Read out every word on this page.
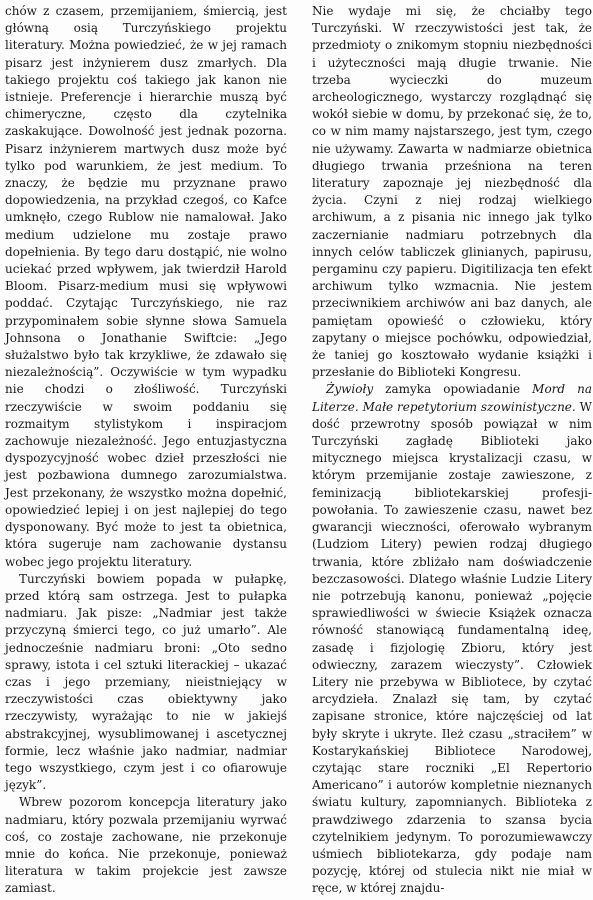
chów z czasem, przemijaniem, śmiercią, jest główną osią Turczyńskiego projektu literatury. Można powiedzieć, że w jej ramach pisarz jest inżynierem dusz zmarłych. Dla takiego projektu coś takiego jak kanon nie istnieje. Preferencje i hierarchie muszą być chimeryczne, często dla czytelnika zaskakujące. Dowolność jest jednak pozorna. Pisarz inżynierem martwych dusz może być tylko pod warunkiem, że jest medium. To znaczy, że będzie mu przyznane prawo dopowiedzenia, na przykład czegoś, co Kafce umknęło, czego Rublow nie namalował. Jako medium udzielone mu zostaje prawo dopełnienia. By tego daru dostąpić, nie wolno uciekać przed wpływem, jak twierdził Harold Bloom. Pisarz-medium musi się wpływowi poddać. Czytając Turczyńskiego, nie raz przypominałem sobie słynne słowa Samuela Johnsona o Jonathanie Swiftcie: „Jego służalstwo było tak krzykliwe, że zdawało się niezależnością”. Oczywiście w tym wypadku nie chodzi o złośliwość. Turczyński rzeczywiście w swoim poddaniu się rozmaitym stylistykom i inspiracjom zachowuje niezależność. Jego entuzjastyczna dyspozycyjność wobec dzieł przeszłości nie jest pozbawiona dumnego zarozumialstwa. Jest przekonany, że wszystko można dopełnić, opowiedzieć lepiej i on jest najlepiej do tego dysponowany. Być może to jest ta obietnica, która sugeruje nam zachowanie dystansu wobec jego projektu literatury.

Turczyński bowiem popada w pułapkę, przed którą sam ostrzega. Jest to pułapka nadmiaru. Jak pisze: „Nadmiar jest także przyczyną śmierci tego, co już umarło”. Ale jednocześnie nadmiaru broni: „Oto sedno sprawy, istota i cel sztuki literackiej – ukazać czas i jego przemiany, nieistniejący w rzeczywistości czas obiektywny jako rzeczywisty, wyrażając to nie w jakiejś abstrakcyjnej, wysublimowanej i ascetycznej formie, lecz właśnie jako nadmiar, nadmiar tego wszystkiego, czym jest i co ofiarowuje język”.

Wbrew pozorom koncepcja literatury jako nadmiaru, który pozwala przemijaniu wyrwać coś, co zostaje zachowane, nie przekonuje mnie do końca. Nie przekonuje, ponieważ literatura w takim projekcie jest zawsze zamiast.

Nie wydaje mi się, że chciałby tego Turczyński. W rzeczywistości jest tak, że przedmioty o znikomym stopniu niezbędności i użyteczności mają długie trwanie. Nie trzeba wycieczki do muzeum archeologicznego, wystarczy rozglądnąć się wokół siebie w domu, by przekonać się, że to, co w nim mamy najstarszego, jest tym, czego nie używamy. Zawarta w nadmiarze obietnica długiego trwania prześniona na teren literatury zapoznaje jej niezbędność dla życia. Czyni z niej rodzaj wielkiego archiwum, a z pisania nic innego jak tylko zaczernianie nadmiaru potrzebnych dla innych celów tabliczek glinianych, papirusu, pergaminu czy papieru. Digitilizacja ten efekt archiwum tylko wzmacnia. Nie jestem przeciwnikiem archiwów ani baz danych, ale pamiętam opowieść o człowieku, który zapytany o miejsce pochówku, odpowiedział, że taniej go kosztowało wydanie książki i przesłanie do Biblioteki Kongresu.

Żywioły zamyka opowiadanie Mord na Literze. Małe repetytorium szowinistyczne. W dość przewrotny sposób powiązał w nim Turczyński zagładę Biblioteki jako mitycznego miejsca krystalizacji czasu, w którym przemijanie zostaje zawieszone, z feminizacją bibliotekarskiej profesji-powołania. To zawieszenie czasu, nawet bez gwarancji wieczności, oferowało wybranym (Ludziom Litery) pewien rodzaj długiego trwania, które zbliżało nam doświadczenie bezczasowości. Dlatego właśnie Ludzie Litery nie potrzebują kanonu, ponieważ „pojęcie sprawiedliwości w świecie Książek oznacza równość stanowiącą fundamentalną ideę, zasadę i fizjologię Zbioru, który jest odwieczny, zarazem wieczysty”. Człowiek Litery nie przebywa w Bibliotece, by czytać arcydzieła. Znalazł się tam, by czytać zapisane stronice, które najczęściej od lat były skryte i ukryte. Ileż czasu „straciłem” w Kostarykańskiej Bibliotece Narodowej, czytając stare roczniki „El Repertorio Americano” i autorów kompletnie nieznanych światu kultury, zapomnianych. Biblioteka z prawdziwego zdarzenia to szansa bycia czytelnikiem jedynym. To porozumiewawczy uśmiech bibliotekarza, gdy podaje nam pozycję, której od stulecia nikt nie miał w ręce, w której znajdu-
